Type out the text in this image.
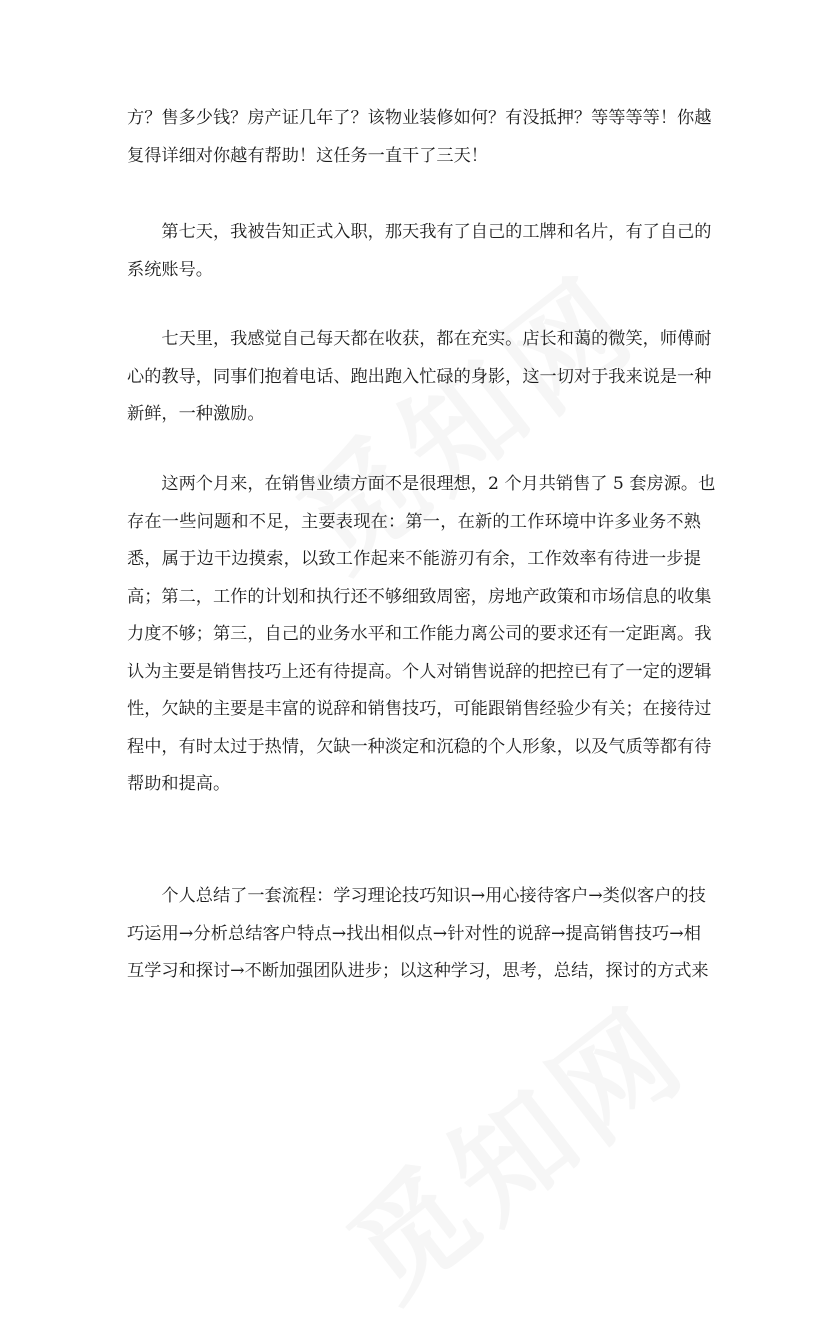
方？售多少钱？房产证几年了？该物业装修如何？有没抵押？等等等等！你越
复得详细对你越有帮助！这任务一直干了三天！
　　第七天，我被告知正式入职，那天我有了自己的工牌和名片，有了自己的
系统账号。
　　七天里，我感觉自己每天都在收获，都在充实。店长和蔼的微笑，师傅耐
心的教导，同事们抱着电话、跑出跑入忙碌的身影，这一切对于我来说是一种
新鲜，一种激励。
　　这两个月来，在销售业绩方面不是很理想，2 个月共销售了 5 套房源。也
存在一些问题和不足，主要表现在：第一，在新的工作环境中许多业务不熟
悉，属于边干边摸索，以致工作起来不能游刃有余，工作效率有待进一步提
高；第二，工作的计划和执行还不够细致周密，房地产政策和市场信息的收集
力度不够；第三，自己的业务水平和工作能力离公司的要求还有一定距离。我
认为主要是销售技巧上还有待提高。个人对销售说辞的把控已有了一定的逻辑
性，欠缺的主要是丰富的说辞和销售技巧，可能跟销售经验少有关；在接待过
程中，有时太过于热情，欠缺一种淡定和沉稳的个人形象，以及气质等都有待
帮助和提高。
　　个人总结了一套流程：学习理论技巧知识→用心接待客户→类似客户的技
巧运用→分析总结客户特点→找出相似点→针对性的说辞→提高销售技巧→相
互学习和探讨→不断加强团队进步；以这种学习，思考，总结，探讨的方式来
